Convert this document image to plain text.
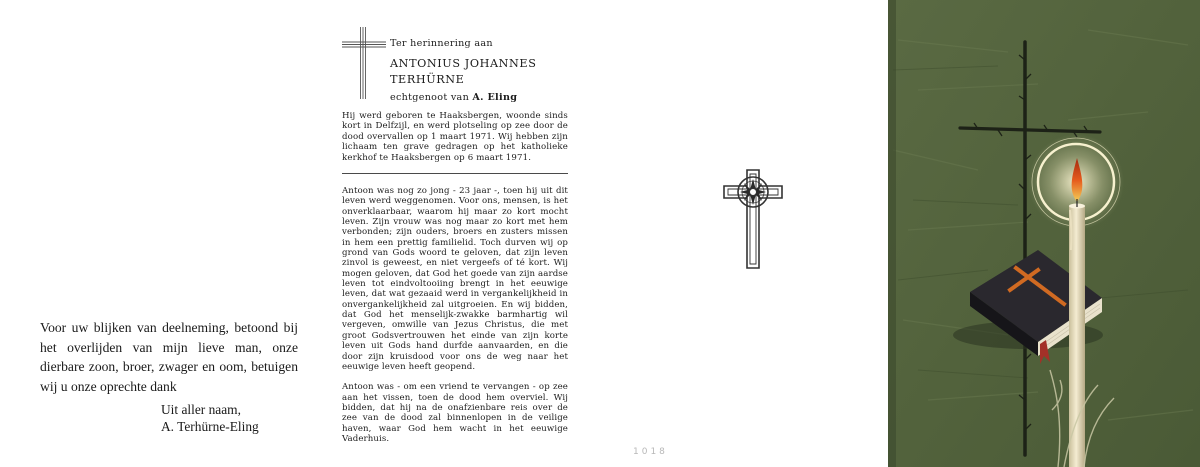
Voor uw blijken van deelneming, betoond bij het overlijden van mijn lieve man, onze dierbare zoon, broer, zwager en oom, betuigen wij u onze oprechte dank
Uit aller naam,
A. Terhürne-Eling
Ter herinnering aan
ANTONIUS JOHANNES
TERHÜRNE
echtgenoot van A. Eling

Hij werd geboren te Haaksbergen, woonde sinds kort in Delfzijl, en werd plotseling op zee door de dood overvallen op 1 maart 1971. Wij hebben zijn lichaam ten grave gedragen op het katholieke kerkhof te Haaksbergen op 6 maart 1971.

Antoon was nog zo jong - 23 jaar -, toen hij uit dit leven werd weggenomen. Voor ons, mensen, is het onverklaarbaar, waarom hij maar zo kort mocht leven. Zijn vrouw was nog maar zo kort met hem verbonden; zijn ouders, broers en zusters missen in hem een prettig familielid. Toch durven wij op grond van Gods woord te geloven, dat zijn leven zinvol is geweest, en niet vergeefs of té kort. Wij mogen geloven, dat God het goede van zijn aardse leven tot eindvoltooiing brengt in het eeuwige leven, dat wat gezaaid werd in vergankelijkheid in onvergankelijkheid zal uitgroeien. En wij bidden, dat God het menselijk-zwakke barmhartig wil vergeven, omwille van Jezus Christus, die met groot Godsvertrouwen het einde van zijn korte leven uit Gods hand durfde aanvaarden, en die door zijn kruisdood voor ons de weg naar het eeuwige leven heeft geopend.

Antoon was - om een vriend te vervangen - op zee aan het vissen, toen de dood hem overviel. Wij bidden, dat hij na de onafzienbare reis over de zee van de dood zal binnenlopen in de veilige haven, waar God hem wacht in het eeuwige Vaderhuis.

1018
